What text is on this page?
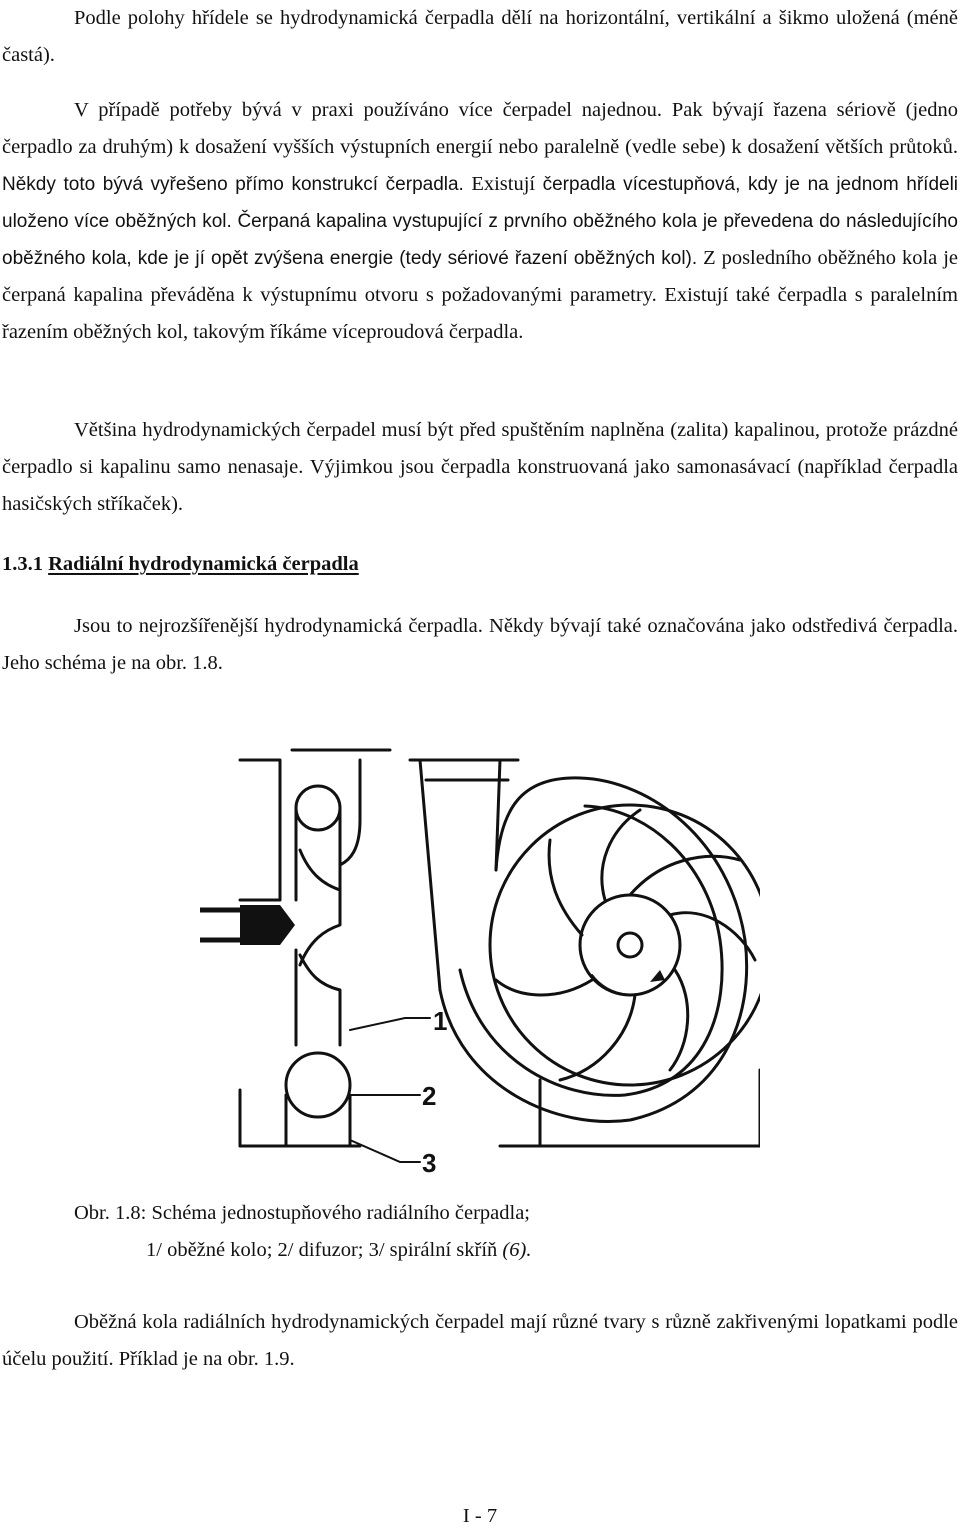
Podle polohy hřídele se hydrodynamická čerpadla dělí na horizontální, vertikální a šikmo uložená (méně častá).

V případě potřeby bývá v praxi používáno více čerpadel najednou. Pak bývají řazena sériově (jedno čerpadlo za druhým) k dosažení vyšších výstupních energií nebo paralelně (vedle sebe) k dosažení větších průtoků. Někdy toto bývá vyřešeno přímo konstrukcí čerpadla. Existují čerpadla vícestupňová, kdy je na jednom hřídeli uloženo více oběžných kol. Čerpaná kapalina vystupující z prvního oběžného kola je převedena do následujícího oběžného kola, kde je jí opět zvýšena energie (tedy sériové řazení oběžných kol). Z posledního oběžného kola je čerpaná kapalina převáděna k výstupnímu otvoru s požadovanými parametry. Existují také čerpadla s paralelním řazením oběžných kol, takovým říkáme víceproudová čerpadla.

Většina hydrodynamických čerpadel musí být před spuštěním naplněna (zalita) kapalinou, protože prázdné čerpadlo si kapalinu samo nenasaje. Výjimkou jsou čerpadla konstruovaná jako samonasávací (například čerpadla hasičských stříkaček).

1.3.1 Radiální hydrodynamická čerpadla

Jsou to nejrozšířenější hydrodynamická čerpadla. Někdy bývají také označována jako odstředivá čerpadla. Jeho schéma je na obr. 1.8.

1
2
3

Obr. 1.8: Schéma jednostupňového radiálního čerpadla;

1/ oběžné kolo; 2/ difuzor; 3/ spirální skříň (6).

Oběžná kola radiálních hydrodynamických čerpadel mají různé tvary s různě zakřivenými lopatkami podle účelu použití. Příklad je na obr. 1.9.

I - 7
